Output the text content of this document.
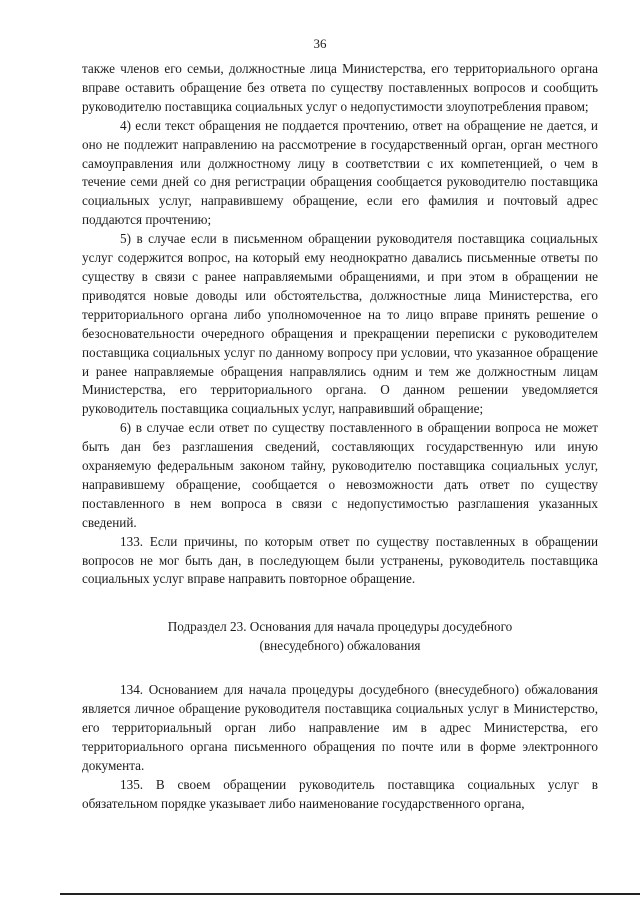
36

также членов его семьи, должностные лица Министерства, его территориального органа вправе оставить обращение без ответа по существу поставленных вопросов и сообщить руководителю поставщика социальных услуг о недопустимости злоупотребления правом;

4) если текст обращения не поддается прочтению, ответ на обращение не дается, и оно не подлежит направлению на рассмотрение в государственный орган, орган местного самоуправления или должностному лицу в соответствии с их компетенцией, о чем в течение семи дней со дня регистрации обращения сообщается руководителю поставщика социальных услуг, направившему обращение, если его фамилия и почтовый адрес поддаются прочтению;

5) в случае если в письменном обращении руководителя поставщика социальных услуг содержится вопрос, на который ему неоднократно давались письменные ответы по существу в связи с ранее направляемыми обращениями, и при этом в обращении не приводятся новые доводы или обстоятельства, должностные лица Министерства, его территориального органа либо уполномоченное на то лицо вправе принять решение о безосновательности очередного обращения и прекращении переписки с руководителем поставщика социальных услуг по данному вопросу при условии, что указанное обращение и ранее направляемые обращения направлялись одним и тем же должностным лицам Министерства, его территориального органа. О данном решении уведомляется руководитель поставщика социальных услуг, направивший обращение;

6) в случае если ответ по существу поставленного в обращении вопроса не может быть дан без разглашения сведений, составляющих государственную или иную охраняемую федеральным законом тайну, руководителю поставщика социальных услуг, направившему обращение, сообщается о невозможности дать ответ по существу поставленного в нем вопроса в связи с недопустимостью разглашения указанных сведений.

133. Если причины, по которым ответ по существу поставленных в обращении вопросов не мог быть дан, в последующем были устранены, руководитель поставщика социальных услуг вправе направить повторное обращение.

Подраздел 23. Основания для начала процедуры досудебного
(внесудебного) обжалования

134. Основанием для начала процедуры досудебного (внесудебного) обжалования является личное обращение руководителя поставщика социальных услуг в Министерство, его территориальный орган либо направление им в адрес Министерства, его территориального органа письменного обращения по почте или в форме электронного документа.

135. В своем обращении руководитель поставщика социальных услуг в обязательном порядке указывает либо наименование государственного органа,
